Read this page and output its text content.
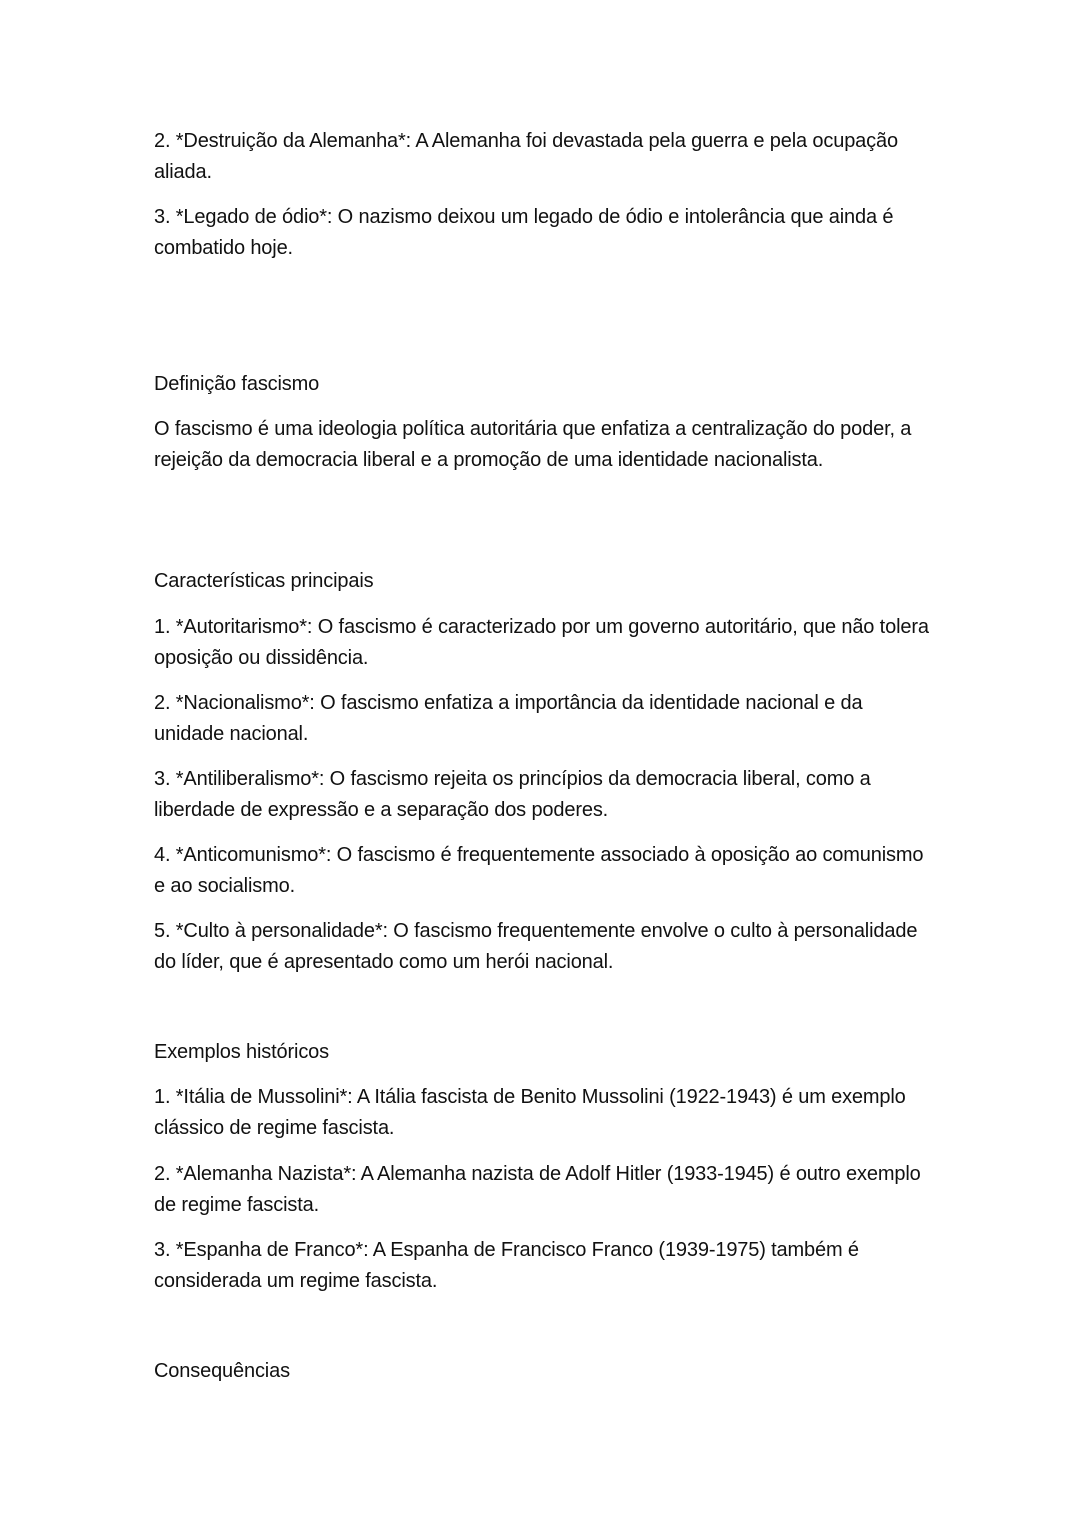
2. *Destruição da Alemanha*: A Alemanha foi devastada pela guerra e pela ocupação aliada.

3. *Legado de ódio*: O nazismo deixou um legado de ódio e intolerância que ainda é combatido hoje.

Definição fascismo

O fascismo é uma ideologia política autoritária que enfatiza a centralização do poder, a rejeição da democracia liberal e a promoção de uma identidade nacionalista.

Características principais

1. *Autoritarismo*: O fascismo é caracterizado por um governo autoritário, que não tolera oposição ou dissidência.

2. *Nacionalismo*: O fascismo enfatiza a importância da identidade nacional e da unidade nacional.

3. *Antiliberalismo*: O fascismo rejeita os princípios da democracia liberal, como a liberdade de expressão e a separação dos poderes.

4. *Anticomunismo*: O fascismo é frequentemente associado à oposição ao comunismo e ao socialismo.

5. *Culto à personalidade*: O fascismo frequentemente envolve o culto à personalidade do líder, que é apresentado como um herói nacional.

Exemplos históricos

1. *Itália de Mussolini*: A Itália fascista de Benito Mussolini (1922-1943) é um exemplo clássico de regime fascista.

2. *Alemanha Nazista*: A Alemanha nazista de Adolf Hitler (1933-1945) é outro exemplo de regime fascista.

3. *Espanha de Franco*: A Espanha de Francisco Franco (1939-1975) também é considerada um regime fascista.

Consequências
